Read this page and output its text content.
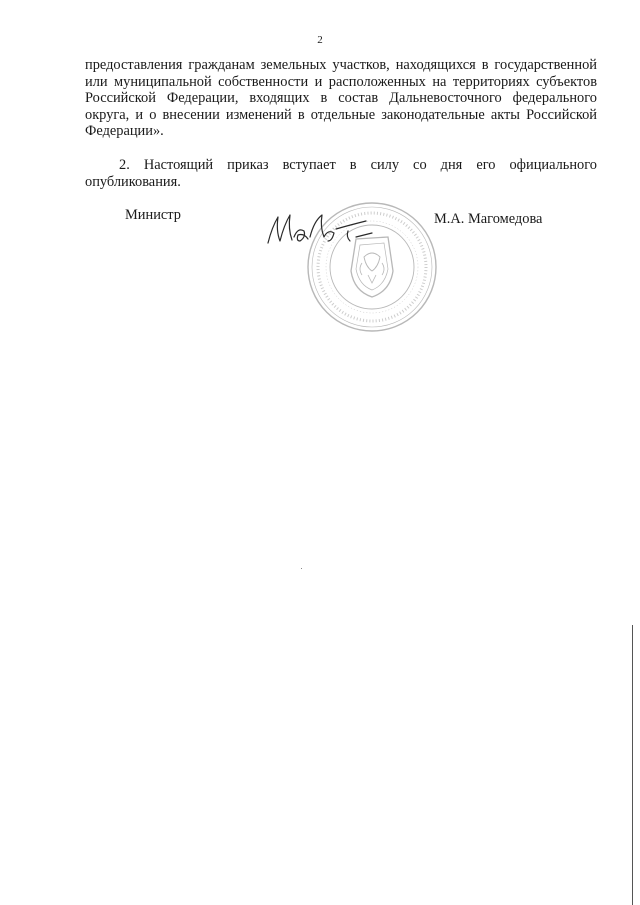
2

предоставления гражданам земельных участков, находящихся в государственной или муниципальной собственности и расположенных на территориях субъектов Российской Федерации, входящих в состав Дальневосточного федерального округа, и о внесении изменений в отдельные законодательные акты Российской Федерации».

2. Настоящий приказ вступает в силу со дня его официального опубликования.

Министр	М.А. Магомедова
